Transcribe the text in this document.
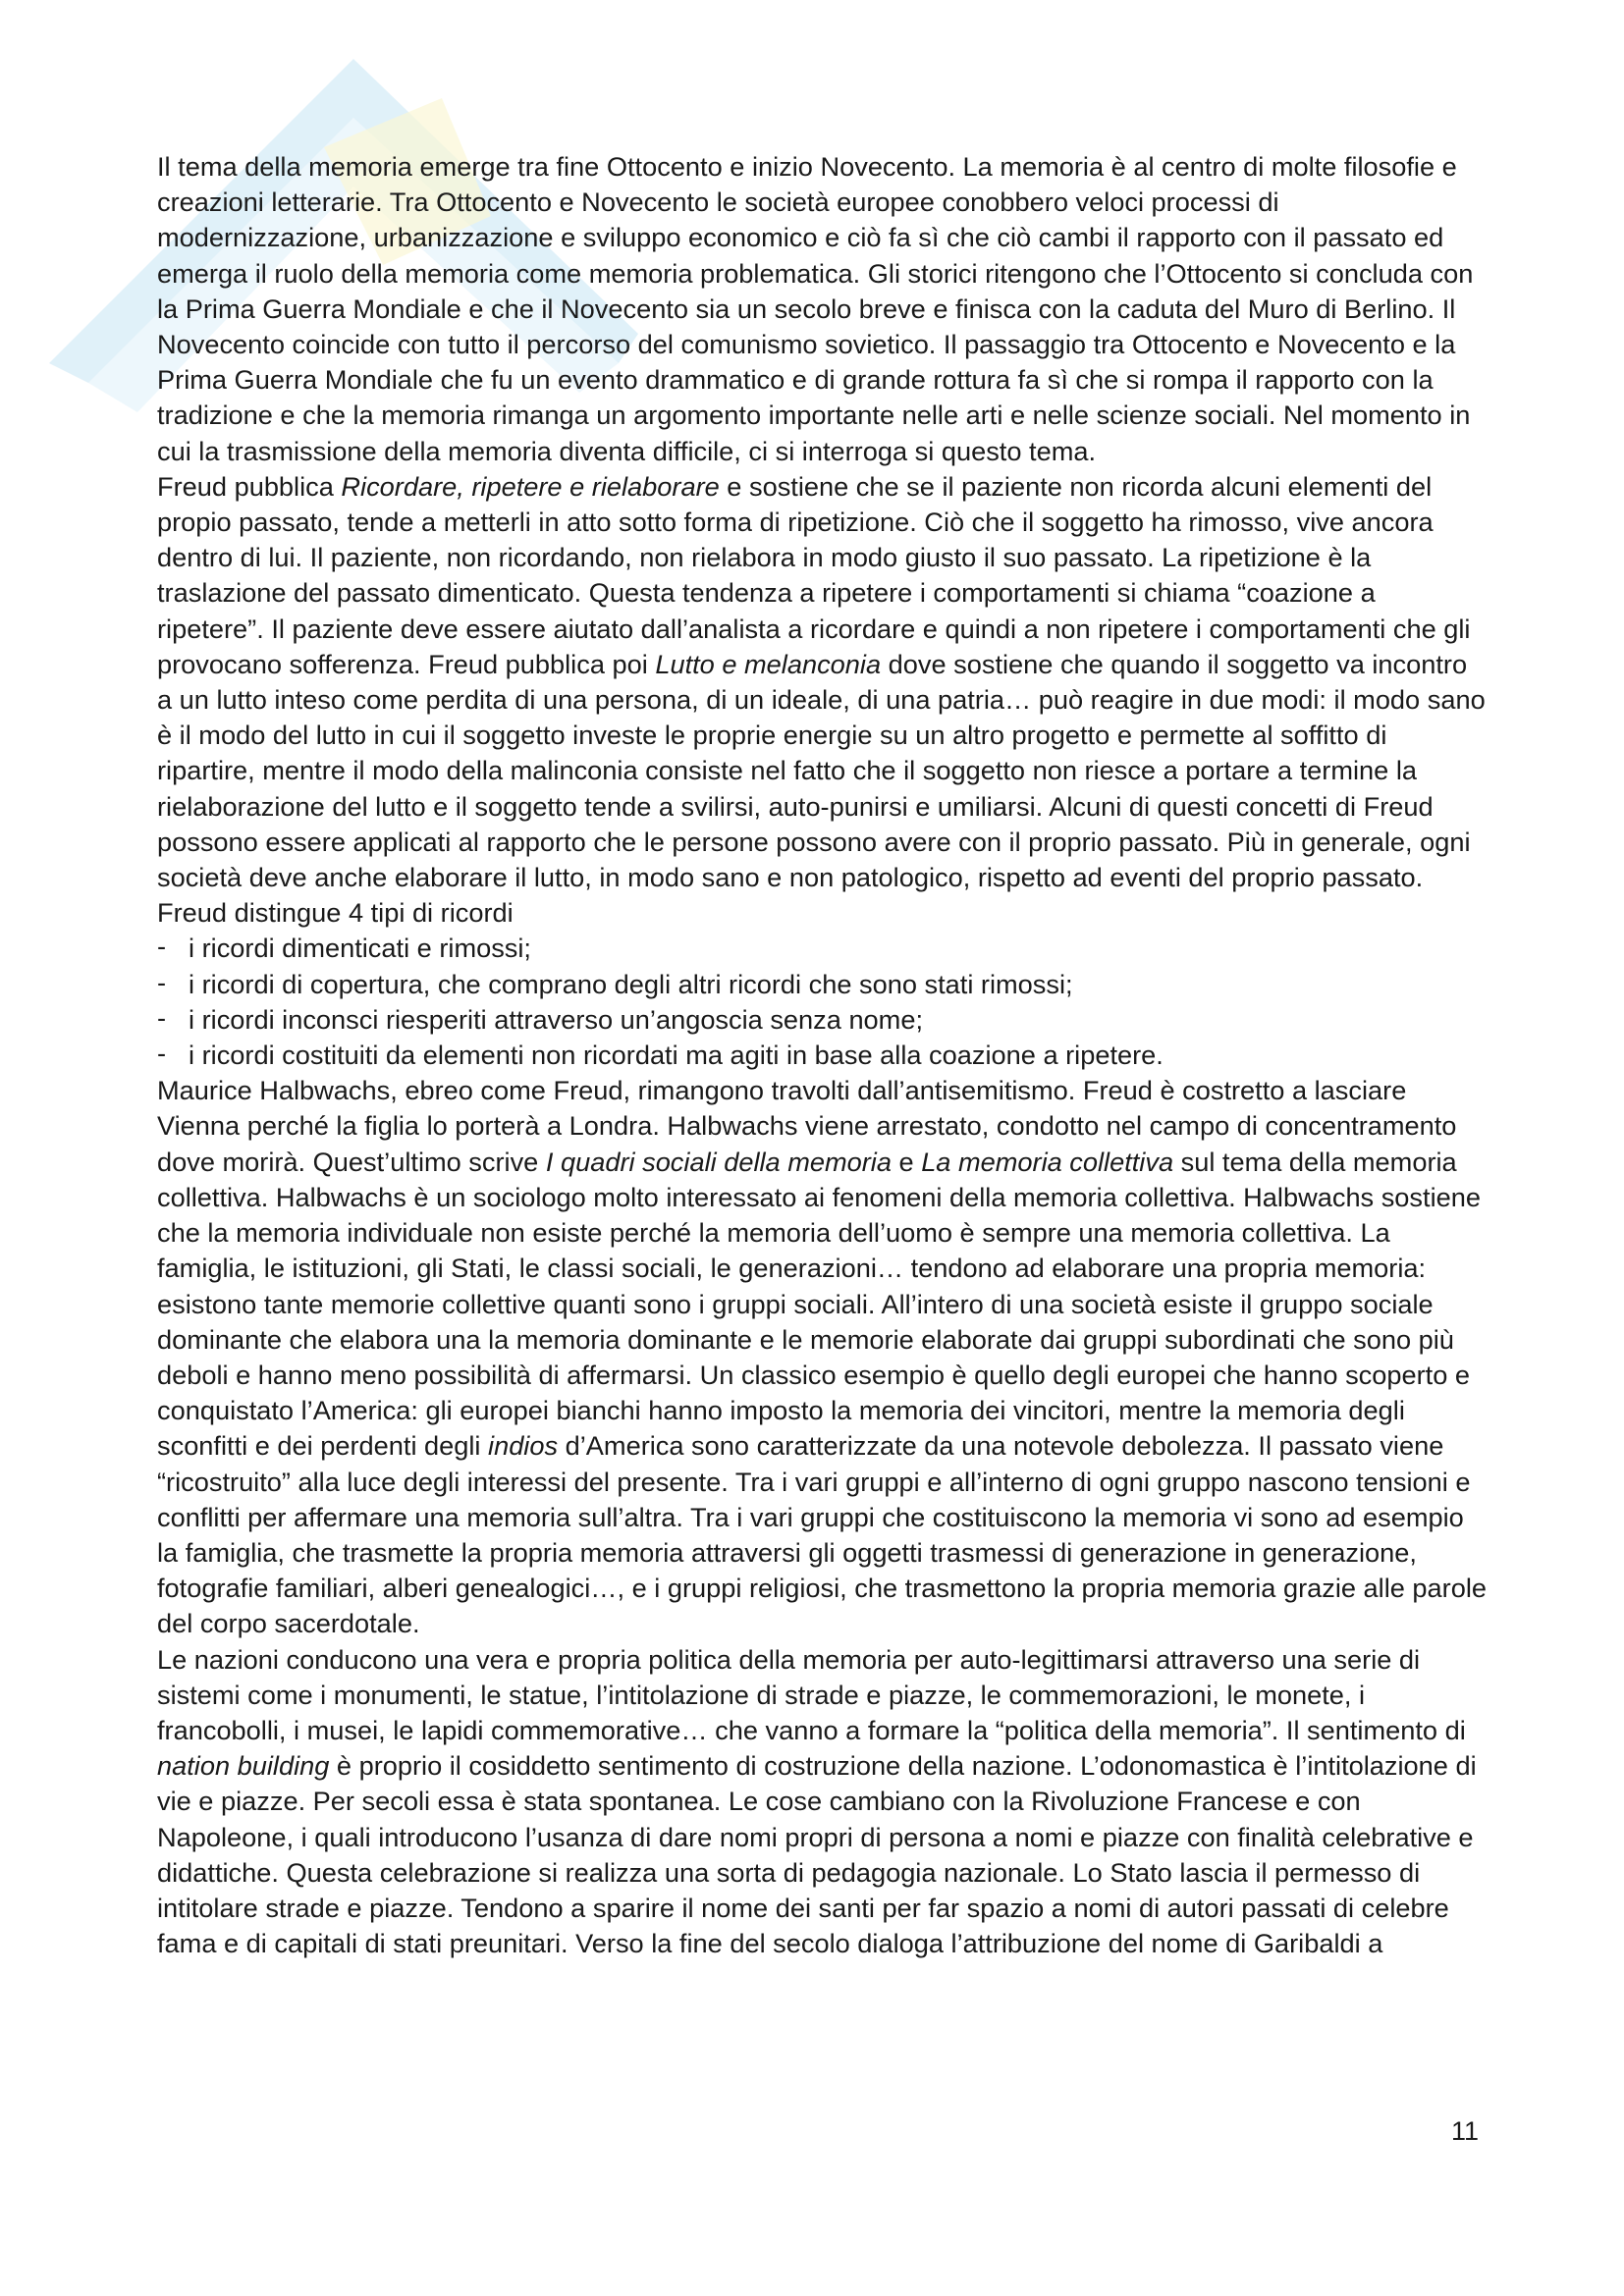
Il tema della memoria emerge tra fine Ottocento e inizio Novecento. La memoria è al centro di molte filosofie e creazioni letterarie. Tra Ottocento e Novecento le società europee conobbero veloci processi di modernizzazione, urbanizzazione e sviluppo economico e ciò fa sì che ciò cambi il rapporto con il passato ed emerga il ruolo della memoria come memoria problematica. Gli storici ritengono che l’Ottocento si concluda con la Prima Guerra Mondiale e che il Novecento sia un secolo breve e finisca con la caduta del Muro di Berlino. Il Novecento coincide con tutto il percorso del comunismo sovietico. Il passaggio tra Ottocento e Novecento e la Prima Guerra Mondiale che fu un evento drammatico e di grande rottura fa sì che si rompa il rapporto con la tradizione e che la memoria rimanga un argomento importante nelle arti e nelle scienze sociali. Nel momento in cui la trasmissione della memoria diventa difficile, ci si interroga si questo tema.

Freud pubblica Ricordare, ripetere e rielaborare e sostiene che se il paziente non ricorda alcuni elementi del propio passato, tende a metterli in atto sotto forma di ripetizione. Ciò che il soggetto ha rimosso, vive ancora dentro di lui. Il paziente, non ricordando, non rielabora in modo giusto il suo passato. La ripetizione è la traslazione del passato dimenticato. Questa tendenza a ripetere i comportamenti si chiama “coazione a ripetere”. Il paziente deve essere aiutato dall’analista a ricordare e quindi a non ripetere i comportamenti che gli provocano sofferenza. Freud pubblica poi Lutto e melanconia dove sostiene che quando il soggetto va incontro a un lutto inteso come perdita di una persona, di un ideale, di una patria… può reagire in due modi: il modo sano è il modo del lutto in cui il soggetto investe le proprie energie su un altro progetto e permette al soffitto di ripartire, mentre il modo della malinconia consiste nel fatto che il soggetto non riesce a portare a termine la rielaborazione del lutto e il soggetto tende a svilirsi, auto-punirsi e umiliarsi. Alcuni di questi concetti di Freud possono essere applicati al rapporto che le persone possono avere con il proprio passato. Più in generale, ogni società deve anche elaborare il lutto, in modo sano e non patologico, rispetto ad eventi del proprio passato. Freud distingue 4 tipi di ricordi

- i ricordi dimenticati e rimossi;
- i ricordi di copertura, che comprano degli altri ricordi che sono stati rimossi;
- i ricordi inconsci riesperiti attraverso un’angoscia senza nome;
- i ricordi costituiti da elementi non ricordati ma agiti in base alla coazione a ripetere.

Maurice Halbwachs, ebreo come Freud, rimangono travolti dall’antisemitismo. Freud è costretto a lasciare Vienna perché la figlia lo porterà a Londra. Halbwachs viene arrestato, condotto nel campo di concentramento dove morirà. Quest’ultimo scrive I quadri sociali della memoria e La memoria collettiva sul tema della memoria collettiva. Halbwachs è un sociologo molto interessato ai fenomeni della memoria collettiva. Halbwachs sostiene che la memoria individuale non esiste perché la memoria dell’uomo è sempre una memoria collettiva. La famiglia, le istituzioni, gli Stati, le classi sociali, le generazioni… tendono ad elaborare una propria memoria: esistono tante memorie collettive quanti sono i gruppi sociali. All’intero di una società esiste il gruppo sociale dominante che elabora una la memoria dominante e le memorie elaborate dai gruppi subordinati che sono più deboli e hanno meno possibilità di affermarsi. Un classico esempio è quello degli europei che hanno scoperto e conquistato l’America: gli europei bianchi hanno imposto la memoria dei vincitori, mentre la memoria degli sconfitti e dei perdenti degli indios d’America sono caratterizzate da una notevole debolezza. Il passato viene “ricostruito” alla luce degli interessi del presente. Tra i vari gruppi e all’interno di ogni gruppo nascono tensioni e conflitti per affermare una memoria sull’altra. Tra i vari gruppi che costituiscono la memoria vi sono ad esempio la famiglia, che trasmette la propria memoria attraversi gli oggetti trasmessi di generazione in generazione, fotografie familiari, alberi genealogici…, e i gruppi religiosi, che trasmettono la propria memoria grazie alle parole del corpo sacerdotale.

Le nazioni conducono una vera e propria politica della memoria per auto-legittimarsi attraverso una serie di sistemi come i monumenti, le statue, l’intitolazione di strade e piazze, le commemorazioni, le monete, i francobolli, i musei, le lapidi commemorative… che vanno a formare la “politica della memoria”. Il sentimento di nation building è proprio il cosiddetto sentimento di costruzione della nazione. L’odonomastica è l’intitolazione di vie e piazze. Per secoli essa è stata spontanea. Le cose cambiano con la Rivoluzione Francese e con Napoleone, i quali introducono l’usanza di dare nomi propri di persona a nomi e piazze con finalità celebrative e didattiche. Questa celebrazione si realizza una sorta di pedagogia nazionale. Lo Stato lascia il permesso di intitolare strade e piazze. Tendono a sparire il nome dei santi per far spazio a nomi di autori passati di celebre fama e di capitali di stati preunitari. Verso la fine del secolo dialoga l’attribuzione del nome di Garibaldi a

11
